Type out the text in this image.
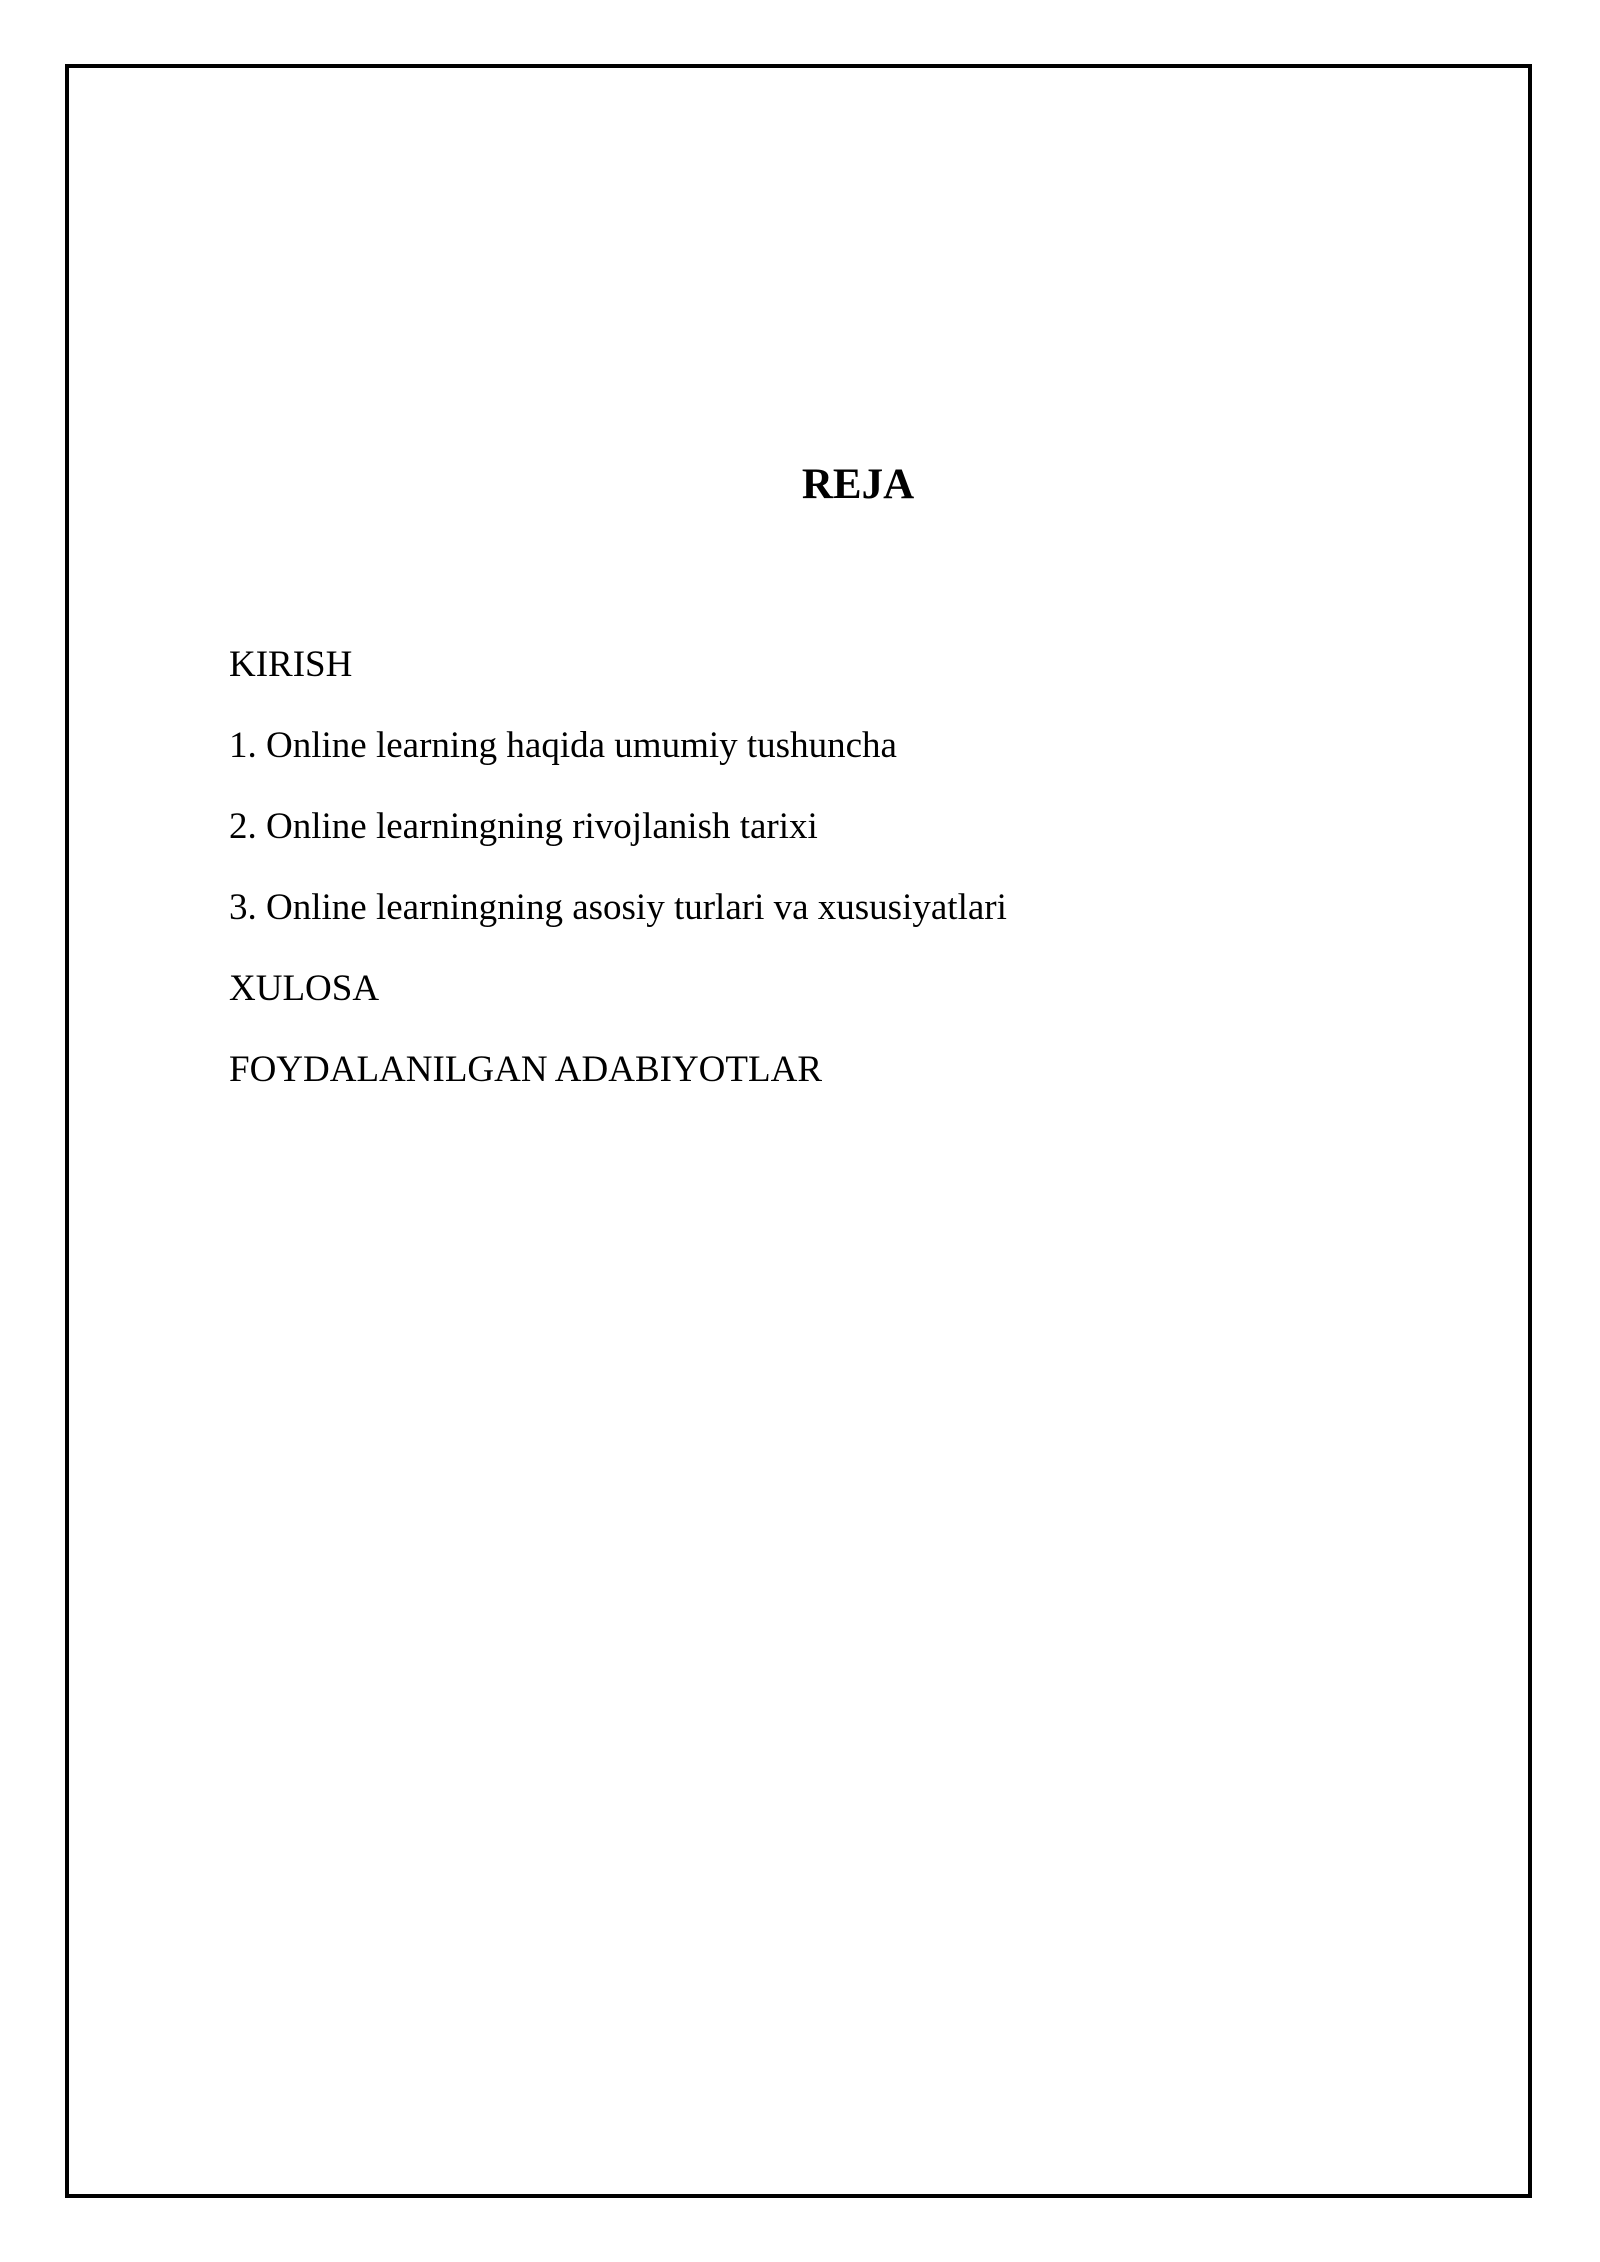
REJA
KIRISH
1. Online learning haqida umumiy tushuncha
2. Online learningning rivojlanish tarixi
3. Online learningning asosiy turlari va xususiyatlari
XULOSA
FOYDALANILGAN ADABIYOTLAR
